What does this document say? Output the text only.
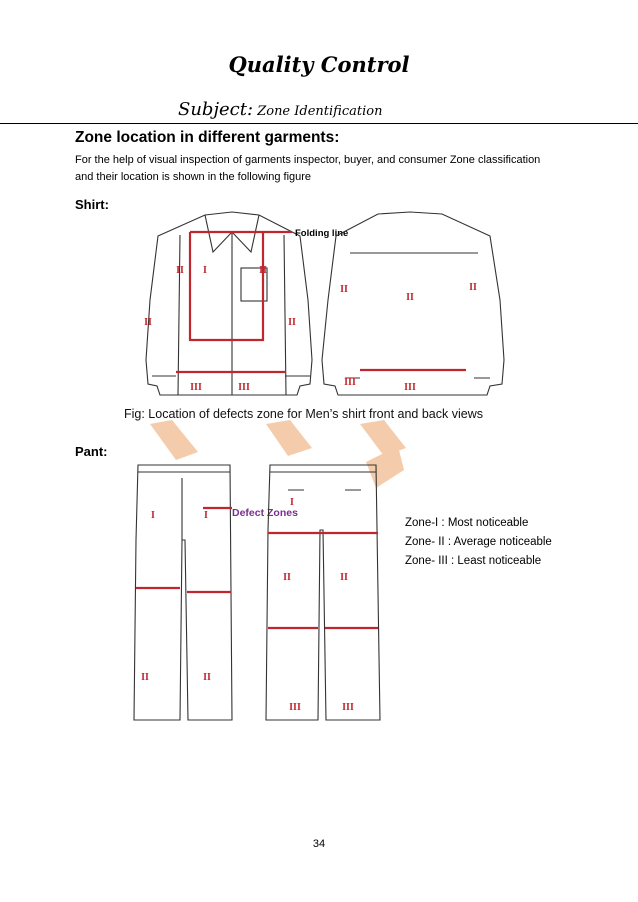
Quality Control
Subject: Zone Identification
Zone location in different garments:
For the help of visual inspection of garments inspector, buyer, and consumer Zone classification and their location is shown in the following figure
Shirt:
Pant:
Folding line
Defect Zones
I
II	II
II	II
III	III
II
II
II
III	III
I	I
II	II
I
II	II
III	III
Fig: Location of defects zone for Men’s shirt front and back views
Zone-I : Most noticeable
Zone- II : Average noticeable
Zone- III : Least noticeable
34
